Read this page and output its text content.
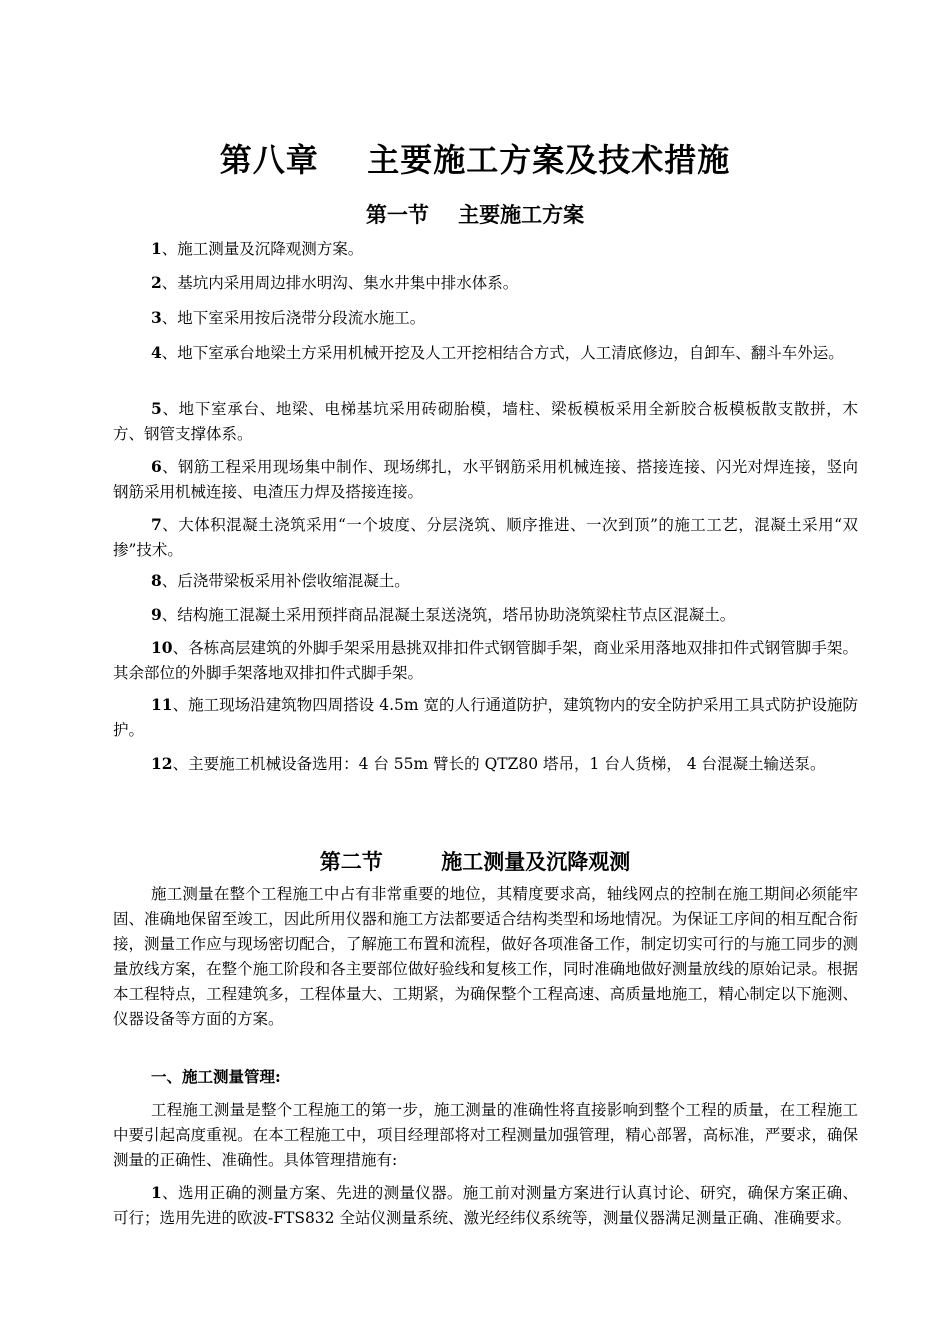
第八章    主要施工方案及技术措施
第一节    主要施工方案
1、施工测量及沉降观测方案。
2、基坑内采用周边排水明沟、集水井集中排水体系。
3、地下室采用按后浇带分段流水施工。
4、地下室承台地梁土方采用机械开挖及人工开挖相结合方式，人工清底修边，自卸车、翻斗车外运。
5、地下室承台、地梁、电梯基坑采用砖砌胎模，墙柱、梁板模板采用全新胶合板模板散支散拼，木方、钢管支撑体系。
6、钢筋工程采用现场集中制作、现场绑扎，水平钢筋采用机械连接、搭接连接、闪光对焊连接，竖向钢筋采用机械连接、电渣压力焊及搭接连接。
7、大体积混凝土浇筑采用“一个坡度、分层浇筑、顺序推进、一次到顶”的施工工艺，混凝土采用“双掺”技术。
8、后浇带梁板采用补偿收缩混凝土。
9、结构施工混凝土采用预拌商品混凝土泵送浇筑，塔吊协助浇筑梁柱节点区混凝土。
10、各栋高层建筑的外脚手架采用悬挑双排扣件式钢管脚手架，商业采用落地双排扣件式钢管脚手架。其余部位的外脚手架落地双排扣件式脚手架。
11、施工现场沿建筑物四周搭设 4.5m 宽的人行通道防护，建筑物内的安全防护采用工具式防护设施防护。
12、主要施工机械设备选用：4 台 55m 臂长的 QTZ80 塔吊，1 台人货梯， 4 台混凝土输送泵。
第二节        施工测量及沉降观测
施工测量在整个工程施工中占有非常重要的地位，其精度要求高，轴线网点的控制在施工期间必须能牢固、准确地保留至竣工，因此所用仪器和施工方法都要适合结构类型和场地情况。为保证工序间的相互配合衔接，测量工作应与现场密切配合，了解施工布置和流程，做好各项准备工作，制定切实可行的与施工同步的测量放线方案，在整个施工阶段和各主要部位做好验线和复核工作，同时准确地做好测量放线的原始记录。根据本工程特点，工程建筑多，工程体量大、工期紧，为确保整个工程高速、高质量地施工，精心制定以下施测、仪器设备等方面的方案。
一、施工测量管理:
工程施工测量是整个工程施工的第一步，施工测量的准确性将直接影响到整个工程的质量，在工程施工中要引起高度重视。在本工程施工中，项目经理部将对工程测量加强管理，精心部署，高标准，严要求，确保测量的正确性、准确性。具体管理措施有:
1、选用正确的测量方案、先进的测量仪器。施工前对测量方案进行认真讨论、研究，确保方案正确、可行；选用先进的欧波-FTS832 全站仪测量系统、激光经纬仪系统等，测量仪器满足测量正确、准确要求。
